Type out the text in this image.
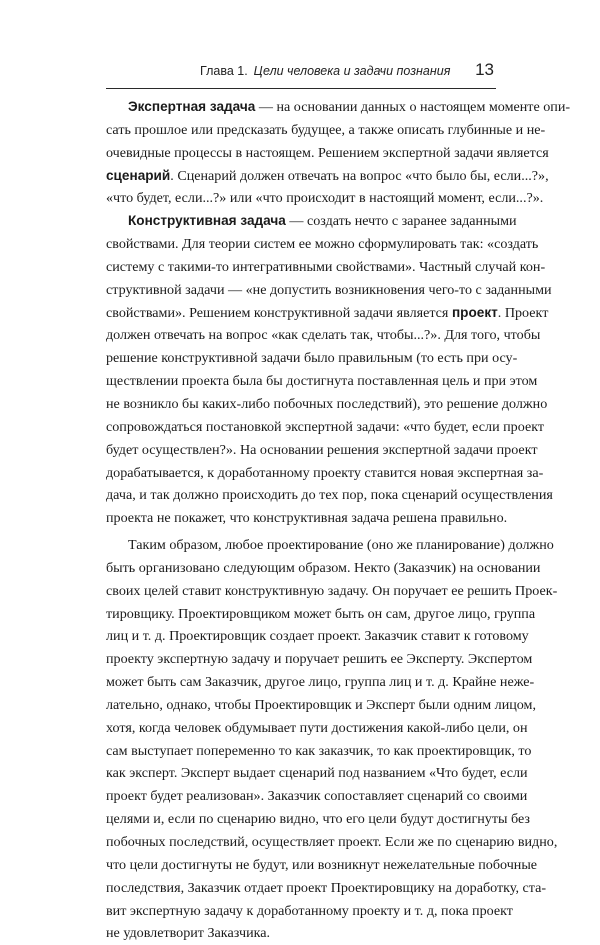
Глава 1. Цели человека и задачи познания 13
Экспертная задача — на основании данных о настоящем моменте опи-
сать прошлое или предсказать будущее, а также описать глубинные и не-
очевидные процессы в настоящем. Решением экспертной задачи является
сценарий. Сценарий должен отвечать на вопрос «что было бы, если...?»,
«что будет, если...?» или «что происходит в настоящий момент, если...?».
Конструктивная задача — создать нечто с заранее заданными
свойствами. Для теории систем ее можно сформулировать так: «создать
систему с такими-то интегративными свойствами». Частный случай кон-
структивной задачи — «не допустить возникновения чего-то с заданными
свойствами». Решением конструктивной задачи является проект. Проект
должен отвечать на вопрос «как сделать так, чтобы...?». Для того, чтобы
решение конструктивной задачи было правильным (то есть при осу-
ществлении проекта была бы достигнута поставленная цель и при этом
не возникло бы каких-либо побочных последствий), это решение должно
сопровождаться постановкой экспертной задачи: «что будет, если проект
будет осуществлен?». На основании решения экспертной задачи проект
дорабатывается, к доработанному проекту ставится новая экспертная за-
дача, и так должно происходить до тех пор, пока сценарий осуществления
проекта не покажет, что конструктивная задача решена правильно.
Таким образом, любое проектирование (оно же планирование) должно
быть организовано следующим образом. Некто (Заказчик) на основании
своих целей ставит конструктивную задачу. Он поручает ее решить Проек-
тировщику. Проектировщиком может быть он сам, другое лицо, группа
лиц и т. д. Проектировщик создает проект. Заказчик ставит к готовому
проекту экспертную задачу и поручает решить ее Эксперту. Экспертом
может быть сам Заказчик, другое лицо, группа лиц и т. д. Крайне неже-
лательно, однако, чтобы Проектировщик и Эксперт были одним лицом,
хотя, когда человек обдумывает пути достижения какой-либо цели, он
сам выступает попеременно то как заказчик, то как проектировщик, то
как эксперт. Эксперт выдает сценарий под названием «Что будет, если
проект будет реализован». Заказчик сопоставляет сценарий со своими
целями и, если по сценарию видно, что его цели будут достигнуты без
побочных последствий, осуществляет проект. Если же по сценарию видно,
что цели достигнуты не будут, или возникнут нежелательные побочные
последствия, Заказчик отдает проект Проектировщику на доработку, ста-
вит экспертную задачу к доработанному проекту и т. д, пока проект
не удовлетворит Заказчика.
